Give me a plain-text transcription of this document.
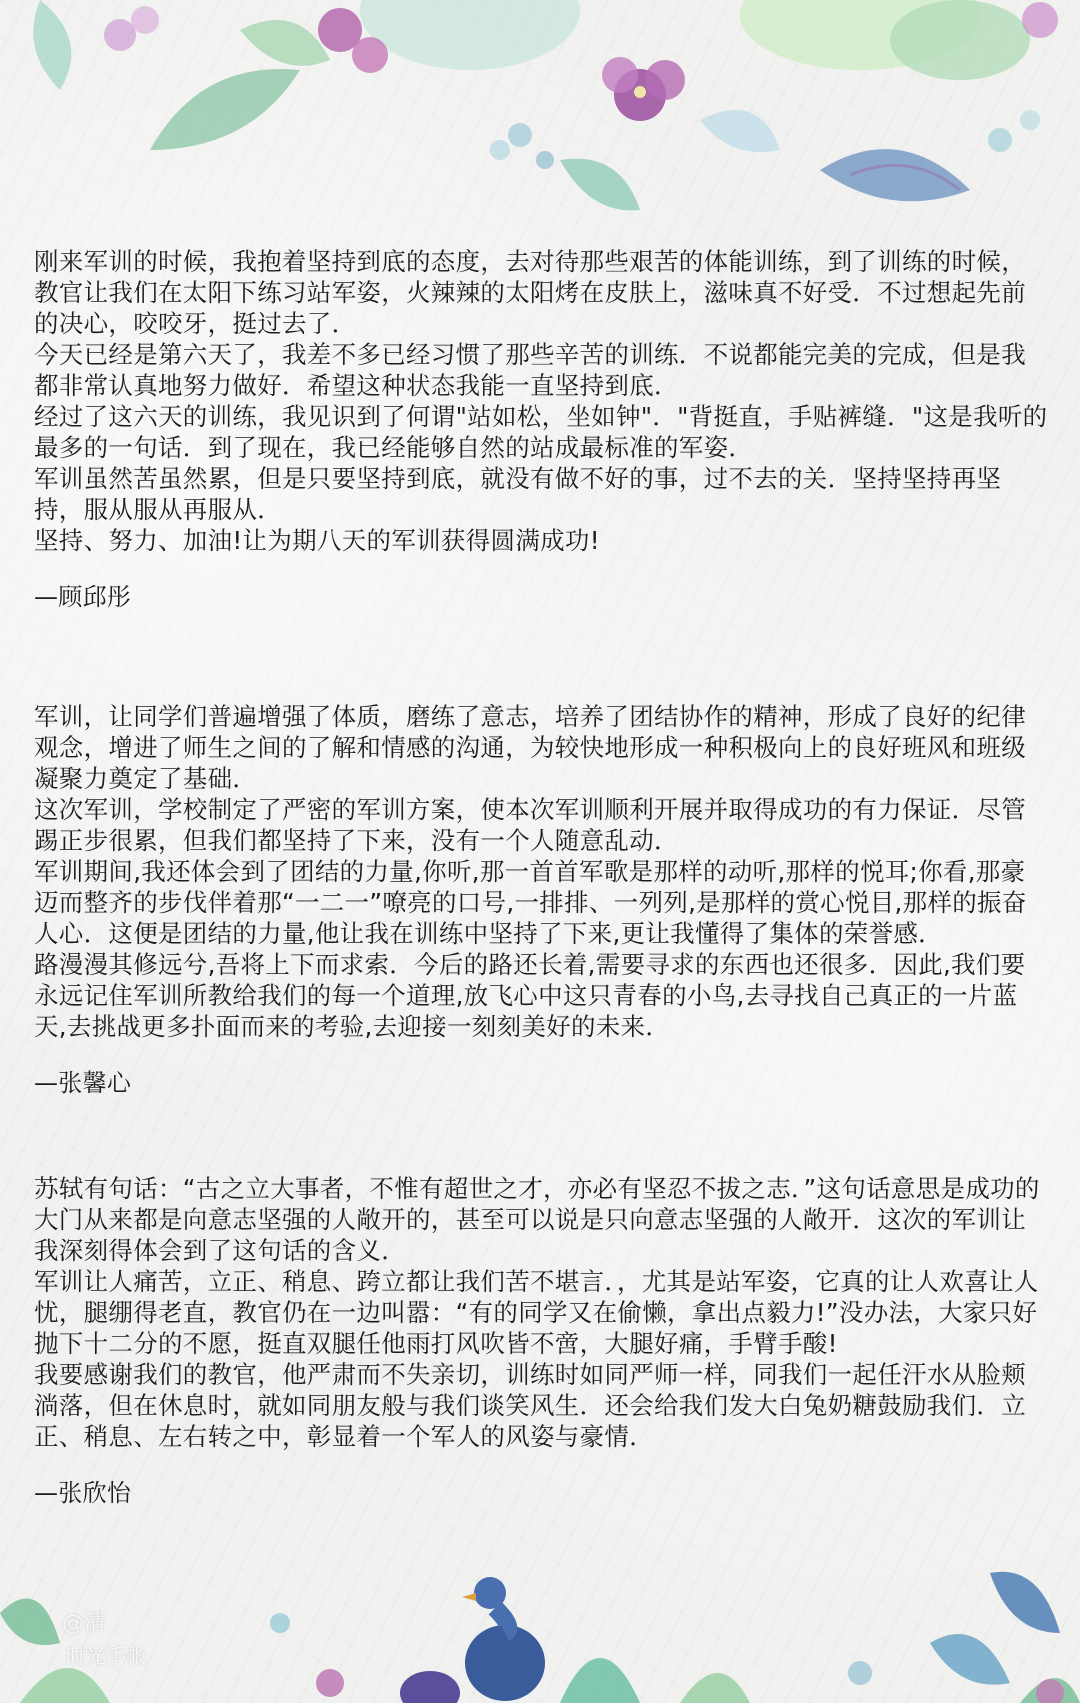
刚来军训的时候，我抱着坚持到底的态度，去对待那些艰苦的体能训练，到了训练的时候，教官让我们在太阳下练习站军姿，火辣辣的太阳烤在皮肤上，滋味真不好受．不过想起先前的决心，咬咬牙，挺过去了．

今天已经是第六天了，我差不多已经习惯了那些辛苦的训练．不说都能完美的完成，但是我都非常认真地努力做好．希望这种状态我能一直坚持到底．

经过了这六天的训练，我见识到了何谓"站如松，坐如钟"．"背挺直，手贴裤缝．"这是我听的最多的一句话．到了现在，我已经能够自然的站成最标准的军姿．

军训虽然苦虽然累，但是只要坚持到底，就没有做不好的事，过不去的关．坚持坚持再坚持，服从服从再服从．

坚持、努力、加油!让为期八天的军训获得圆满成功!

—顾邱彤

军训，让同学们普遍增强了体质，磨练了意志，培养了团结协作的精神，形成了良好的纪律观念，增进了师生之间的了解和情感的沟通，为较快地形成一种积极向上的良好班风和班级凝聚力奠定了基础．

这次军训，学校制定了严密的军训方案，使本次军训顺利开展并取得成功的有力保证．尽管踢正步很累，但我们都坚持了下来，没有一个人随意乱动．

军训期间,我还体会到了团结的力量,你听,那一首首军歌是那样的动听,那样的悦耳;你看,那豪迈而整齐的步伐伴着那“一二一”嘹亮的口号,一排排、一列列,是那样的赏心悦目,那样的振奋人心．这便是团结的力量,他让我在训练中坚持了下来,更让我懂得了集体的荣誉感．

路漫漫其修远兮,吾将上下而求索．今后的路还长着,需要寻求的东西也还很多．因此,我们要永远记住军训所教给我们的每一个道理,放飞心中这只青春的小鸟,去寻找自己真正的一片蓝天,去挑战更多扑面而来的考验,去迎接一刻刻美好的未来．

—张馨心

苏轼有句话：“古之立大事者，不惟有超世之才，亦必有坚忍不拔之志．”这句话意思是成功的大门从来都是向意志坚强的人敞开的，甚至可以说是只向意志坚强的人敞开．这次的军训让我深刻得体会到了这句话的含义．

军训让人痛苦，立正、稍息、跨立都让我们苦不堪言．，尤其是站军姿，它真的让人欢喜让人忧，腿绷得老直，教官仍在一边叫嚣：“有的同学又在偷懒，拿出点毅力!”没办法，大家只好抛下十二分的不愿，挺直双腿任他雨打风吹皆不啻，大腿好痛，手臂手酸!

我要感谢我们的教官，他严肃而不失亲切，训练时如同严师一样，同我们一起任汗水从脸颊淌落，但在休息时，就如同朋友般与我们谈笑风生．还会给我们发大白兔奶糖鼓励我们．立正、稍息、左右转之中，彰显着一个军人的风姿与豪情．

—张欣怡

@清
时光手帐
